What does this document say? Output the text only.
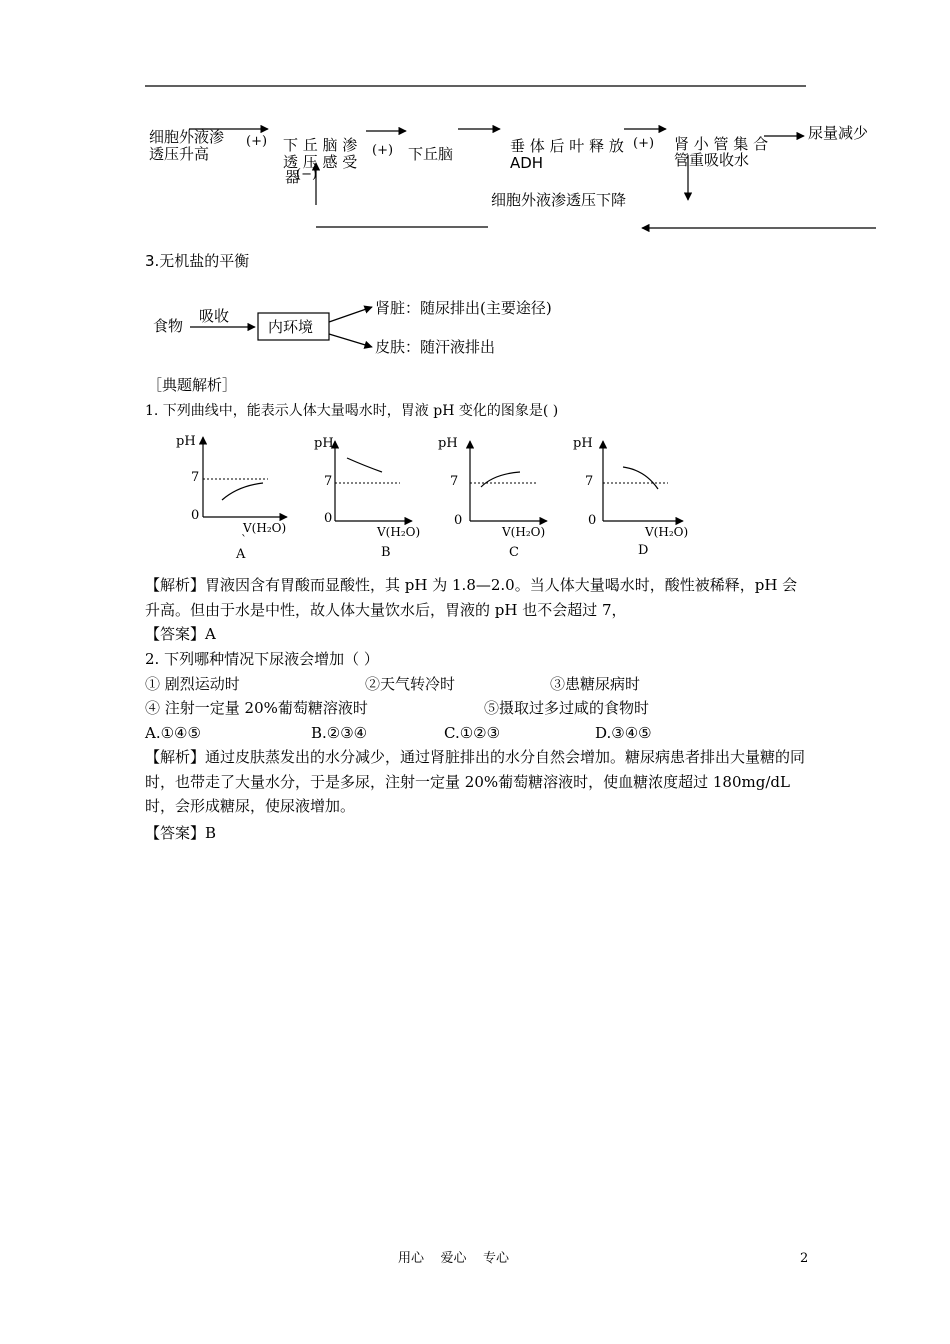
细胞外液渗
透压升高
(+) 下 丘 脑 渗
透 压 感 受
器
(−)
(+) 下丘脑	垂 体 后 叶 释 放
ADH
(+) 肾 小 管 集 合
管重吸收水
尿量减少
细胞外液渗透压下降
3.无机盐的平衡
食物
吸收
内环境
肾脏：随尿排出(主要途径)
皮肤：随汗液排出
［典题解析］
1. 下列曲线中，能表示人体大量喝水时，胃液 pH 变化的图象是( )
pH
7
0
V(H₂O)
`
A
pH
7
0
V(H₂O)
B
pH
7
0
V(H₂O)
C
pH
7
0
V(H₂O)
D
【解析】胃液因含有胃酸而显酸性，其 pH 为 1.8—2.0。当人体大量喝水时，酸性被稀释，pH 会升高。但由于水是中性，故人体大量饮水后，胃液的 pH 也不会超过 7，
【答案】A
2. 下列哪种情况下尿液会增加（ ）
① 剧烈运动时	②天气转冷时	③患糖尿病时
④ 注射一定量 20%葡萄糖溶液时	⑤摄取过多过咸的食物时
A.①④⑤	B.②③④	C.①②③	D.③④⑤
【解析】通过皮肤蒸发出的水分减少，通过肾脏排出的水分自然会增加。糖尿病患者排出大量糖的同时，也带走了大量水分，于是多尿，注射一定量 20%葡萄糖溶液时，使血糖浓度超过 180mg/dL 时，会形成糖尿，使尿液增加。
【答案】B
用心    爱心    专心	2
